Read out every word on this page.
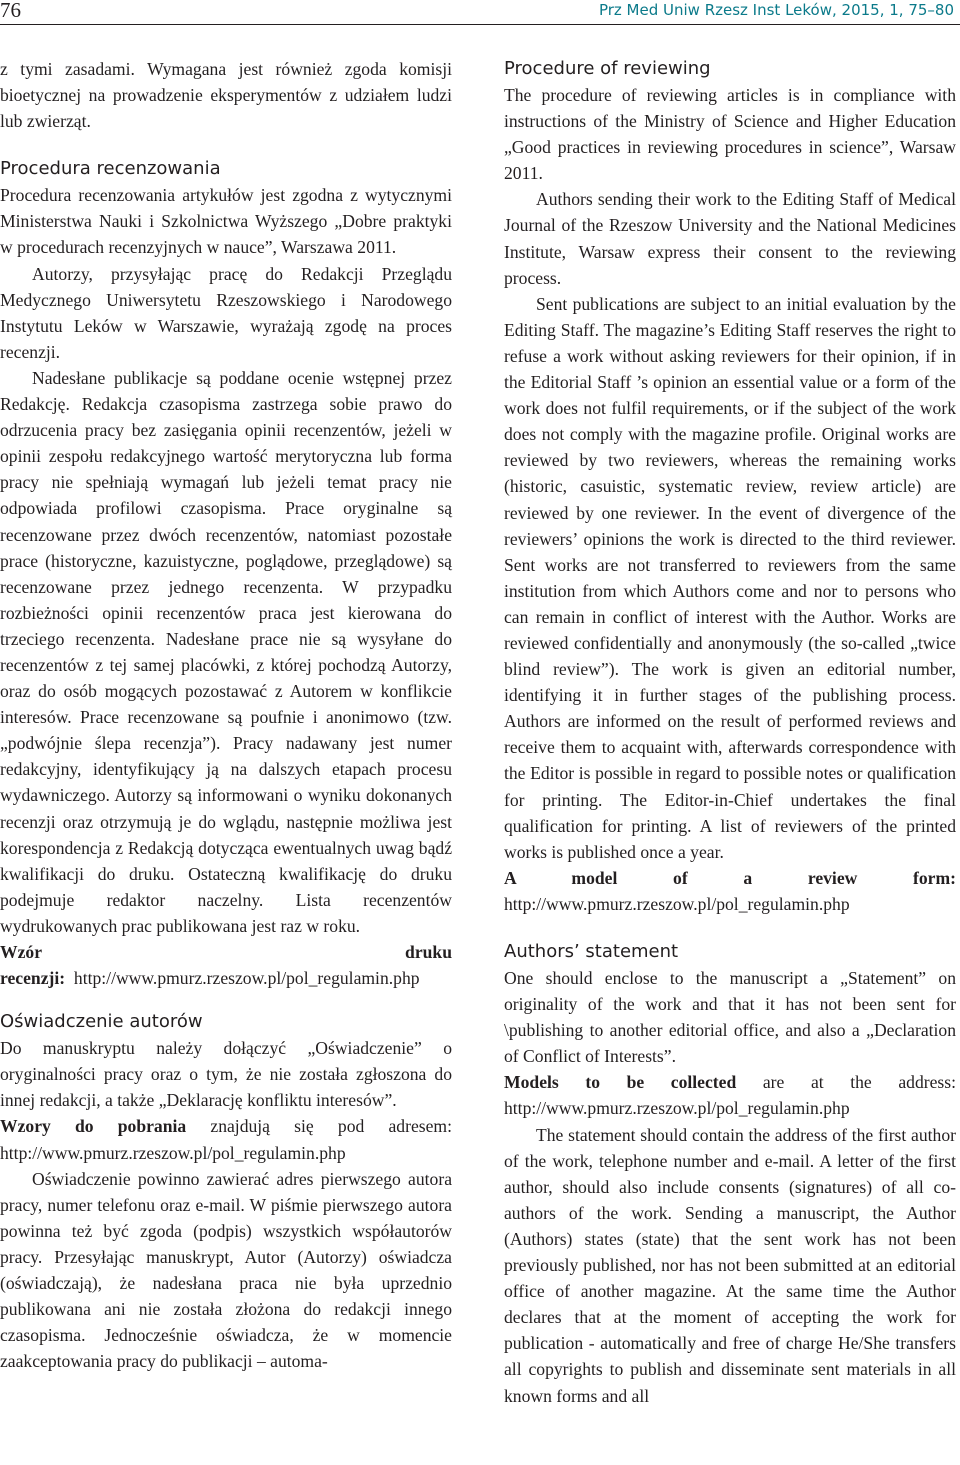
76	Prz Med Uniw Rzesz Inst Leków, 2015, 1, 75–80

z tymi zasadami. Wymagana jest również zgoda komisji bioetycznej na prowadzenie eksperymentów z udziałem ludzi lub zwierząt.

Procedura recenzowania

Procedura recenzowania artykułów jest zgodna z wytycznymi Ministerstwa Nauki i Szkolnictwa Wyższego „Dobre praktyki w procedurach recenzyjnych w nauce”, Warszawa 2011.

Autorzy, przysyłając pracę do Redakcji Przeglądu Medycznego Uniwersytetu Rzeszowskiego i Narodowego Instytutu Leków w Warszawie, wyrażają zgodę na proces recenzji.

Nadesłane publikacje są poddane ocenie wstępnej przez Redakcję. Redakcja czasopisma zastrzega sobie prawo do odrzucenia pracy bez zasięgania opinii recenzentów, jeżeli w opinii zespołu redakcyjnego wartość merytoryczna lub forma pracy nie spełniają wymagań lub jeżeli temat pracy nie odpowiada profilowi czasopisma. Prace oryginalne są recenzowane przez dwóch recenzentów, natomiast pozostałe prace (historyczne, kazuistyczne, poglądowe, przeglądowe) są recenzowane przez jednego recenzenta. W przypadku rozbieżności opinii recenzentów praca jest kierowana do trzeciego recenzenta. Nadesłane prace nie są wysyłane do recenzentów z tej samej placówki, z której pochodzą Autorzy, oraz do osób mogących pozostawać z Autorem w konflikcie interesów. Prace recenzowane są poufnie i anonimowo (tzw. „podwójnie ślepa recenzja”). Pracy nadawany jest numer redakcyjny, identyfikujący ją na dalszych etapach procesu wydawniczego. Autorzy są informowani o wyniku dokonanych recenzji oraz otrzymują je do wglądu, następnie możliwa jest korespondencja z Redakcją dotycząca ewentualnych uwag bądź kwalifikacji do druku. Ostateczną kwalifikację do druku podejmuje redaktor naczelny. Lista recenzentów wydrukowanych prac publikowana jest raz w roku.

Wzór druku recenzji: http://www.pmurz.rzeszow.pl/pol_regulamin.php

Oświadczenie autorów

Do manuskryptu należy dołączyć „Oświadczenie” o oryginalności pracy oraz o tym, że nie została zgłoszona do innej redakcji, a także „Deklarację konfliktu interesów”.

Wzory do pobrania znajdują się pod adresem: http://www.pmurz.rzeszow.pl/pol_regulamin.php

Oświadczenie powinno zawierać adres pierwszego autora pracy, numer telefonu oraz e-mail. W piśmie pierwszego autora powinna też być zgoda (podpis) wszystkich współautorów pracy. Przesyłając manuskrypt, Autor (Autorzy) oświadcza (oświadczają), że nadesłana praca nie była uprzednio publikowana ani nie została złożona do redakcji innego czasopisma. Jednocześnie oświadcza, że w momencie zaakceptowania pracy do publikacji – automa-

Procedure of reviewing

The procedure of reviewing articles is in compliance with instructions of the Ministry of Science and Higher Education „Good practices in reviewing procedures in science”, Warsaw 2011.

Authors sending their work to the Editing Staff of Medical Journal of the Rzeszow University and the National Medicines Institute, Warsaw express their consent to the reviewing process.

Sent publications are subject to an initial evaluation by the Editing Staff. The magazine’s Editing Staff reserves the right to refuse a work without asking reviewers for their opinion, if in the Editorial Staff ’s opinion an essential value or a form of the work does not fulfil requirements, or if the subject of the work does not comply with the magazine profile. Original works are reviewed by two reviewers, whereas the remaining works (historic, casuistic, systematic review, review article) are reviewed by one reviewer. In the event of divergence of the reviewers’ opinions the work is directed to the third reviewer. Sent works are not transferred to reviewers from the same institution from which Authors come and nor to persons who can remain in conflict of interest with the Author. Works are reviewed confidentially and anonymously (the so-called „twice blind review”). The work is given an editorial number, identifying it in further stages of the publishing process. Authors are informed on the result of performed reviews and receive them to acquaint with, afterwards correspondence with the Editor is possible in regard to possible notes or qualification for printing. The Editor-in-Chief undertakes the final qualification for printing. A list of reviewers of the printed works is published once a year.

A model of a review form: http://www.pmurz.rzeszow.pl/pol_regulamin.php

Authors’ statement

One should enclose to the manuscript a „Statement” on originality of the work and that it has not been sent for \publishing to another editorial office, and also a „Declaration of Conflict of Interests”.

Models to be collected are at the address: http://www.pmurz.rzeszow.pl/pol_regulamin.php

The statement should contain the address of the first author of the work, telephone number and e-mail. A letter of the first author, should also include consents (signatures) of all co-authors of the work. Sending a manuscript, the Author (Authors) states (state) that the sent work has not been previously published, nor has not been submitted at an editorial office of another magazine. At the same time the Author declares that at the moment of accepting the work for publication - automatically and free of charge He/She transfers all copyrights to publish and disseminate sent materials in all known forms and all
